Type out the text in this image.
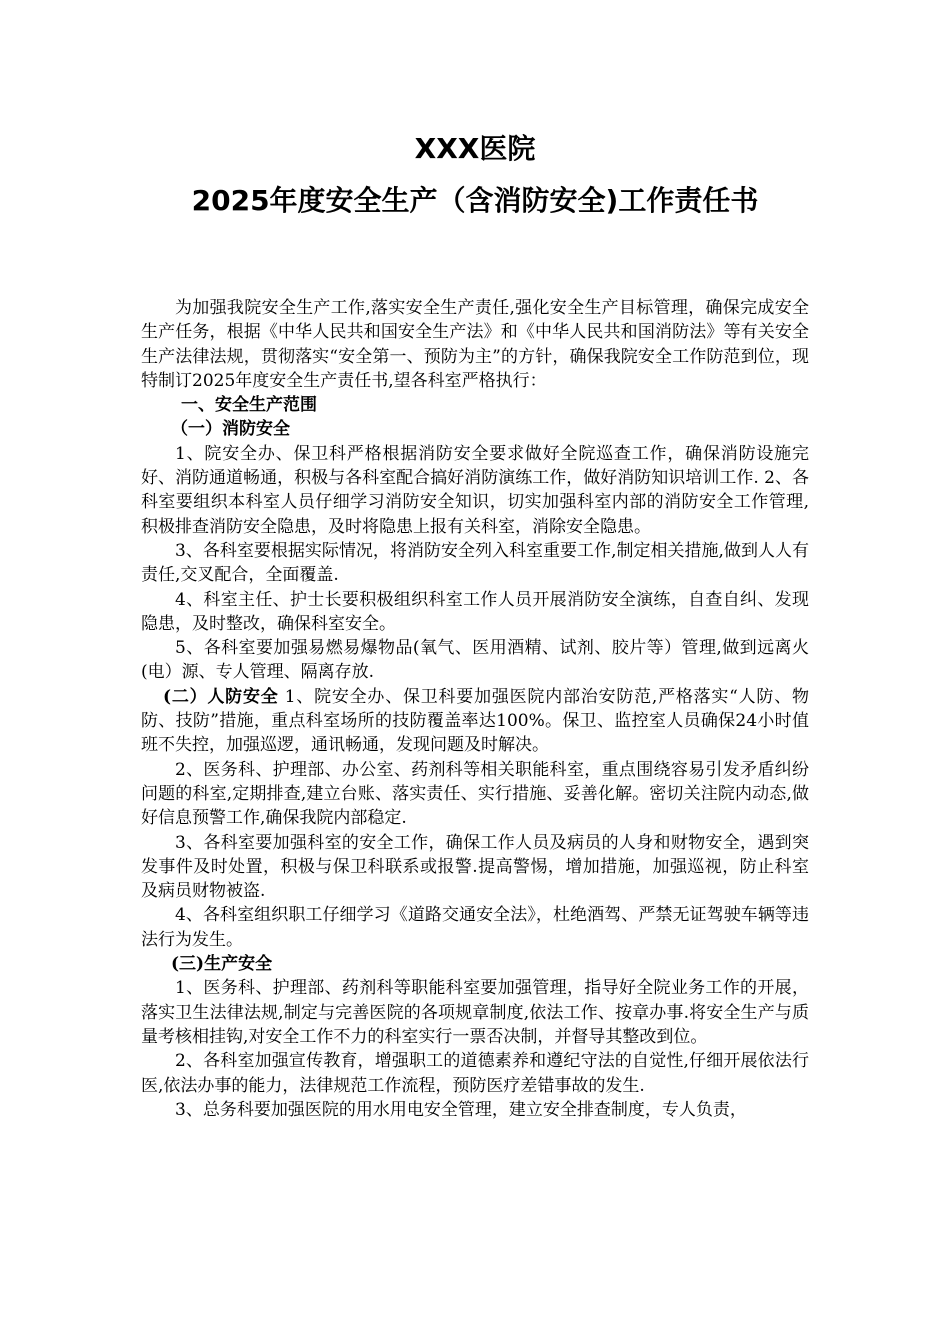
XXX医院
2025年度安全生产（含消防安全)工作责任书

为加强我院安全生产工作,落实安全生产责任,强化安全生产目标管理，确保完成安全生产任务，根据《中华人民共和国安全生产法》和《中华人民共和国消防法》等有关安全生产法律法规，贯彻落实“安全第一、预防为主”的方针，确保我院安全工作防范到位，现特制订2025年度安全生产责任书,望各科室严格执行：

一、安全生产范围

（一）消防安全

1、院安全办、保卫科严格根据消防安全要求做好全院巡查工作，确保消防设施完好、消防通道畅通，积极与各科室配合搞好消防演练工作，做好消防知识培训工作. 2、各科室要组织本科室人员仔细学习消防安全知识，切实加强科室内部的消防安全工作管理,积极排查消防安全隐患，及时将隐患上报有关科室，消除安全隐患。

3、各科室要根据实际情况，将消防安全列入科室重要工作,制定相关措施,做到人人有责任,交叉配合，全面覆盖.

4、科室主任、护士长要积极组织科室工作人员开展消防安全演练，自查自纠、发现隐患，及时整改，确保科室安全。

5、各科室要加强易燃易爆物品(氧气、医用酒精、试剂、胶片等）管理,做到远离火(电）源、专人管理、隔离存放.

(二）人防安全 1、院安全办、保卫科要加强医院内部治安防范,严格落实“人防、物防、技防”措施，重点科室场所的技防覆盖率达100%。保卫、监控室人员确保24小时值班不失控，加强巡逻，通讯畅通，发现问题及时解决。

2、医务科、护理部、办公室、药剂科等相关职能科室，重点围绕容易引发矛盾纠纷问题的科室,定期排查,建立台账、落实责任、实行措施、妥善化解。密切关注院内动态,做好信息预警工作,确保我院内部稳定.

3、各科室要加强科室的安全工作，确保工作人员及病员的人身和财物安全，遇到突发事件及时处置，积极与保卫科联系或报警.提高警惕，增加措施，加强巡视，防止科室及病员财物被盗.

4、各科室组织职工仔细学习《道路交通安全法》，杜绝酒驾、严禁无证驾驶车辆等违法行为发生。

(三)生产安全

1、医务科、护理部、药剂科等职能科室要加强管理，指导好全院业务工作的开展，落实卫生法律法规,制定与完善医院的各项规章制度,依法工作、按章办事.将安全生产与质量考核相挂钩,对安全工作不力的科室实行一票否决制，并督导其整改到位。

2、各科室加强宣传教育，增强职工的道德素养和遵纪守法的自觉性,仔细开展依法行医,依法办事的能力，法律规范工作流程，预防医疗差错事故的发生.

3、总务科要加强医院的用水用电安全管理，建立安全排查制度，专人负责，
